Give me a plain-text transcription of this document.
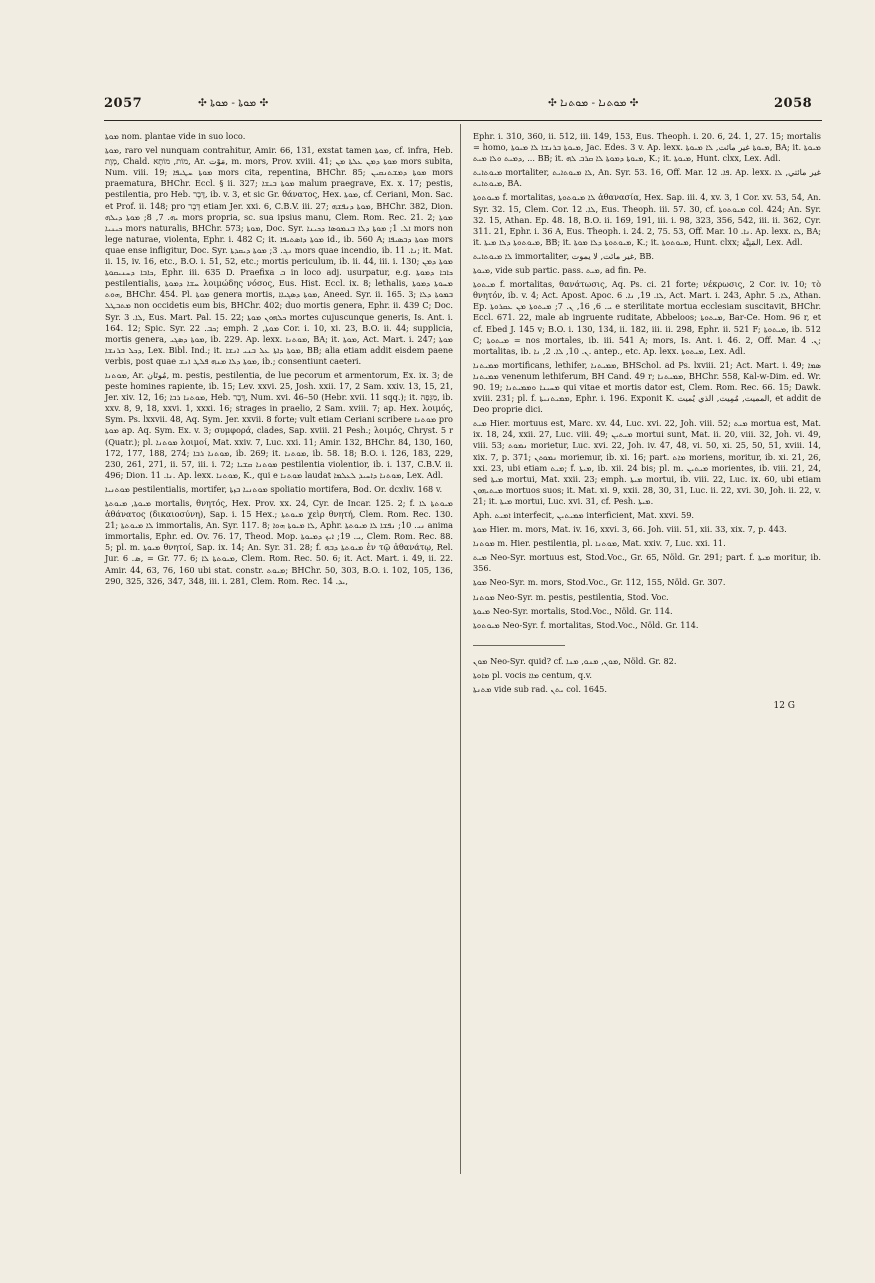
2057	✣ ܡܘܬܐ - ܡܘܬܐ ✣	✣ ܡܘܬܢܐ - ܡܘܬܢܐ ✣	2058

ܡܘܬܐ nom. plantae vide in suo loco.

ܡܘܬܐ, raro vel nunquam contrahitur, Amir. 66, 131, exstat tamen ܡܘܬܐ, cf. infra, Heb. מָוֶת, Chald. מוֹת, מוֹתָא, Ar. مَوْت, m. mors, Prov. xviii. 41; ܡܘܬܐ ܕܡܢ ܥܠܬܐ ܡܢ mors subita, Num. viii. 19; ܡܘܬܐ ܚܛܝܦܐ mors cita, repentina, BHChr. 85; ܡܘܬܐ ܕܡܫܬܢܩܝܢ mors praematura, BHChr. Eccl. § ii. 327; ܡܘܬܐ ܒܝܫܐ malum praegrave, Ex. x. 17; pestis, pestilentia, pro Heb. דֶּבֶר, ib. v. 3, et sic Gr. θάνατος, Hex. ܡܘܬܐ, cf. Ceriani, Mon. Sac. et Prof. ii. 148; pro דֶּבֶר etiam Jer. xxi. 6, C.B.V. iii. 27; ܡܘܬܐ ܕܢܦܫܗ, BHChr. 382, Dion. ܝܗ. 7, 8; ܡܘܬܐ ܕܝܠܗ mors propria, sc. sua ipsius manu, Clem. Rom. Rec. 21. 2; ܡܘܬܐ ܟܝܢܝܐ mors naturalis, BHChr. 573; ܡܘܬܐ, Doc. Syr. ܐܠ. 1; ܡܘܬܐ ܕܠܐ ܒܢܡܘܣܐ ܕܟܝܢܐ mors non lege naturae, violenta, Ephr. i. 482 C; it. ܡܘܬܐ ܕܐܣܬܝܦܐ id., ib. 560 A; ܡܘܬܐ ܕܒܣܝܦܐ mors quae ense infligitur, Doc. Syr. ܢܓ. 3; ܡܘܬܐ ܕܝܩܕܬܐ mors quae incendio, ib. ܢܐ. 11; it. Mat. ii. 15, iv. 16, etc., B.O. i. 51, 52, etc.; mortis periculum, ib. ii. 44, iii. i. 130; ܡܘܬܐ ܕܡܢ ܟܐܒܐ ܕܚܢܝܩܘܬܐ, Ephr. iii. 635 D. Praefixa ܒ in loco adj. usurpatur, e.g. ܟܐܒܐ ܕܡܘܬܐ pestilentialis, ܚܫܐ ܕܡܘܬܐ λοιμώδης νόσος, Eus. Hist. Eccl. ix. 8; lethalis, ܡܚܘܬܐ ܕܡܘܬܐ ܗܘܬ, BHChr. 454. Pl. ܡܘܬܐ genera mortis, ܡܘܬܐ ܕܣܓܝܐܐ, Aneed. Syr. ii. 165. 3; ܒܡܘܬܐ ܕܠܐ ܡܬܒܛܠ non occidetis eum bis, BHChr. 402; duo mortis genera, Ephr. ii. 439 C; Doc. Syr. ܠܐ. 3, Eus. Mart. Pal. 15. 22; ܟܠܗܘܢ ܡܘܬܐ mortes cujuscunque generis, Is. Ant. i. 164. 12; Spic. Syr. ܟܒ. 22; emph. ܡܘܬܐ, 2 Cor. i. 10, xi. 23, B.O. ii. 44; supplicia, mortis genera, ܡܘܬܐ ܕܣܓܝ, ib. 229. Ap. lexx. ܡܘܬܢܐ, BA; it. ܡܘܬܐ, Act. Mart. i. 247; ܡܘܬܐ ܕܟܠ ܒܪܢܫܐ, Lex. Bibl. Ind.; it. ܡܘܬܐ ܕܐܬܐ ܥܠ ܒܢܝ ܐܢܫܐ, BB; alia etiam addit eisdem paene verbis, post quae ܡܘܬܐ ܕܠܐ ܡܢܗ ܦܠܛ ܐܢܫ, ib.; consentiunt caeteri.

ܡܘܬܢܐ, Ar. مُوتَان, m. pestis, pestilentia, de lue pecorum et armentorum, Ex. ix. 3; de peste homines rapiente, ib. 15; Lev. xxvi. 25, Josh. xxii. 17, 2 Sam. xxiv. 13, 15, 21, Jer. xiv. 12, 16; ܡܘܬܢܐ ܪܒܐ, Heb. דֶּבֶר, Num. xvi. 46–50 (Hebr. xvii. 11 sqq.); it. מַגֵּפָה, ib. xxv. 8, 9, 18, xxvi. 1, xxxi. 16; strages in praelio, 2 Sam. xviii. 7; ap. Hex. λοιμός, Sym. Ps. lxxvii. 48, Aq. Sym. Jer. xxvii. 8 forte; vult etiam Ceriani scribere ܡܘܬܢܐ pro ܡܘܬܐ ap. Aq. Sym. Ex. v. 3; συμφορά, clades, Sap. xviii. 21 Pesh.; λοιμός, Chryst. 5 r (Quatr.); pl. ܡܘܬܢܐ λοιμοί, Mat. xxiv. 7, Luc. xxi. 11; Amir. 132, BHChr. 84, 130, 160, 172, 177, 188, 274; ܡܘܬܢܐ ܪܒܐ, ib. 269; it. ܡܘܬܢܐ, ib. 58. 18; B.O. i. 126, 183, 229, 230, 261, 271, ii. 57, iii. i. 72; ܡܘܬܢܐ ܩܫܝܐ pestilentia violentior, ib. i. 137, C.B.V. ii. 496; Dion. ܢܐ. 11. Ap. lexx. ܡܘܬܢܐ, K., qui e ܡܘܬܢܐ laudat ܡܘܬܢܐ ܕܐܚܝܕ ܠܥܠܡܐ, Lex. Adl.

ܡܘܬܢܝܐ pestilentialis, mortifer, ܡܘܬܢܝܐ ܒܙܬܐ spoliatio mortifera, Bod. Or. dcxliv. 168 v.

ܡܝܘܬܐ, ܡܝܘܬܬܐ mortalis, θνητός, Hex. Prov. xx. 24, Cyr. de Incar. 125. 2; f. ܡܝܘܬܬܐ ܠܐ ἀθάνατος (δικαιοσύνη), Sap. i. 15 Hex.; ܡܝܘܬܬܐ χεὶρ θνητή, Clem. Rom. Rec. 130. 21; ܠܐ ܡܝܘܬܬܐ immortalis, An. Syr. 117. 8; ܠܐ ܡܝܘܬܐ ܗܘܐ, Aphr. ܢܝ. 10; ܢܦܫܐ ܠܐ ܡܝܘܬܬܐ anima immortalis, Ephr. ed. Ov. 76. 17, Theod. Mop. ܝ. 19; ܐܝܟ ܕܡܝܘܬܐ, Clem. Rom. Rec. 88. 5; pl. m. ܡܝܘܬܐ θνητοί, Sap. ix. 14; An. Syr. 31. 28; f. ܡܝܘܬܬܐ ܕܒܗ ἐν τῷ ἀθανάτῳ, Rel. Jur. ܣ. 6, = Gr. 77. 6; ܡܝܘܬܬܐ ܠܐ, Clem. Rom. Rec. 50. 6; it. Act. Mart. i. 49, ii. 22. Amir. 44, 63, 76, 160 ubi stat. constr. ܡܝܘܬ; BHChr. 50, 303, B.O. i. 102, 105, 136, 290, 325, 326, 347, 348, iii. i. 281, Clem. Rom. Rec. ܝܕ. 14,

Ephr. i. 310, 360, ii. 512, iii. 149, 153, Eus. Theoph. i. 20. 6, 24. 1, 27. 15; mortalis = homo, ܡܝܘܬܐ ܒܪܢܫܐ ܠܐ ܡܝܘܬܐ, Jac. Edes. 3 v. Ap. lexx. ܡܝܘܬܐ غير مائت, ܠܐ ܡܝܘܬܐ, BA; it. ܡܝܘܬܐ ܕܡܝܬ ܘܠܐ ܡܝܬ, ... BB; it. ܡܝܘܬܐ ܕܡܘܬܐ ܠܐ ܩܪܒ ܠܗ, K.; it. ܡܝܘܬܐ, Hunt. clxx, Lex. Adl.

ܡܝܘܬܐܝܬ mortaliter, ܠܐ ܡܝܘܬܐܝܬ, An. Syr. 53. 16, Off. Mar. ܦܐ. 12. Ap. lexx. غير مائتي, ܠܐ ܡܝܘܬܐܝܬ, BA.

ܡܝܘܬܘܬܐ f. mortalitas, ܠܐ ܡܝܘܬܘܬܐ ἀθανασία, Hex. Sap. iii. 4, xv. 3, 1 Cor. xv. 53, 54, An. Syr. 32. 15, Clem. Cor. ܠܐ. 12, Eus. Theoph. iii. 57. 30, cf. ܡܝܘܬܘܬܐ col. 424; An. Syr. 32. 15, Athan. Ep. 48. 18, B.O. ii. 169, 191, iii. i. 98, 323, 356, 542, iii. ii. 362, Cyr. 311. 21, Ephr. i. 36 A, Eus. Theoph. i. 24. 2, 75. 53, Off. Mar. ܢܐ. 10. Ap. lexx. ܠܐ, BA; it. ܡܝܘܬܘܬܐ ܕܠܐ ܡܝܬܐ, BB; it. ܡܝܘܬܘܬܐ ܕܠܐ ܡܘܬܐ, K.; it. ܡܝܘܬܘܬܐ, Hunt. clxx; المَنِيَّة, Lex. Adl.

ܠܐ ܡܝܘܬܐܝܬ immortaliter, غير مائت, لا يموت, BB.

ܡܝܘܬܐ, vide sub partic. pass. ܡܝܬ, ad fin. Pe.

ܡܝܬܘܬܐ f. mortalitas, θανάτωσις, Aq. Ps. ci. 21 forte; νέκρωσις, 2 Cor. iv. 10; τὸ θνητόν, ib. v. 4; Act. Apost. Apoc. ܠܐ. 19, ܢܐ. 6, Act. Mart. i. 243, Aphr. ܠܐ. 5, Athan. Ep. ܝ. 6, 16, ܢ. 7; ܡܝܬܘܬܐ ܡܢ ܥܩܪܘܬܐ e sterilitate mortua ecclesiam suscitavit, BHChr. Eccl. 671. 22, male ab ingruente ruditate, Abbeloos; ܡܝܬܘܬܐ, Bar-Ce. Hom. 96 r, et cf. Ebed J. 145 v; B.O. i. 130, 134, ii. 182, iii. ii. 298, Ephr. ii. 521 F; ܡܝܬܘܬܐ, ib. 512 C; ܡܝܬܘܬܐ = nos mortales, ib. iii. 541 A; mors, Is. Ant. i. 46. 2, Off. Mar. ܢ. 4; mortalitas, ib. ܢ. 10, ܠܐ. 2, ܢܐ. antep., etc. Ap. lexx. ܡܝܬܘܬܐ, Lex. Adl.

ܡܡܝܬܢܐ mortificans, lethifer, ܡܡܝܬܢܐ, BHSchol. ad Ps. lxviii. 21; Act. Mart. i. 49; ܣܡܐ ܡܡܝܬܢܐ venenum lethiferum, BH Cand. 49 r; ܡܡܝܬܢܐ, BHChr. 558, Kal-w-Dim. ed. Wr. 90. 19; ܡܚܝܢܐ ܘܡܡܝܬܢܐ qui vitae et mortis dator est, Clem. Rom. Rec. 66. 15; Dawk. xviii. 231; pl. f. ܡܡܝܬܢܝܬܐ, Ephr. i. 196. Exponit K. المميت, مُمِيت, الذي يُميت, et addit de Deo proprie dici.

ܡܝܬ Hier. mortuus est, Marc. xv. 44, Luc. xvi. 22, Joh. viii. 52; ܡܝܬ mortua est, Mat. ix. 18, 24, xxii. 27, Luc. viii. 49; ܡܝܬܝܢ mortui sunt, Mat. ii. 20, viii. 32, Joh. vi. 49, viii. 53; ܢܡܘܬ morietur, Luc. xvi. 22, Joh. iv. 47, 48, vi. 50, xi. 25, 50, 51, xviii. 14, xix. 7, p. 371; ܢܡܘܬܢ moriemur, ib. xi. 16; part. ܡܐܬ moriens, moritur, ib. xi. 21, 26, xxi. 23, ubi etiam ܡܝܬ; f. ܡܝܬܐ, ib. xii. 24 bis; pl. m. ܡܝܬܝܢ morientes, ib. viii. 21, 24, sed ܡܝܬܐ mortui, Mat. xxii. 23; emph. ܡܝܬܐ mortui, ib. viii. 22, Luc. ix. 60, ubi etiam ܡܝܬܝܗܘܢ mortuos suos; it. Mat. xi. 9, xxii. 28, 30, 31, Luc. ii. 22, xvi. 30, Joh. ii. 22, v. 21; it. ܡܝܬܐ mortui, Luc. xvi. 31, cf. Pesh. ܡܝܬܐ.

Aph. ܐܡܝܬ interfecit, ܡܡܝܬܝܢ interficient, Mat. xxvi. 59.

ܡܘܬܐ Hier. m. mors, Mat. iv. 16, xxvi. 3, 66. Joh. viii. 51, xii. 33, xix. 7, p. 443.

ܡܘܬܢܐ m. Hier. pestilentia, pl. ܡܘܬܢܐ, Mat. xxiv. 7, Luc. xxi. 11.

ܡܝܬ Neo-Syr. mortuus est, Stod.Voc., Gr. 65, Nöld. Gr. 291; part. f. ܡܝܬܐ moritur, ib. 356.

ܡܘܬܐ Neo-Syr. m. mors, Stod.Voc., Gr. 112, 155, Nöld. Gr. 307.

ܡܘܬܢܐ Neo-Syr. m. pestis, pestilentia, Stod. Voc.

ܡܝܘܬܐ Neo-Syr. mortalis, Stod.Voc., Nöld. Gr. 114.

ܡܝܘܬܘܬܐ Neo-Syr. f. mortalitas, Stod.Voc., Nöld. Gr. 114.

ܡܘܢ Neo-Syr. quid? cf. ܡܘܢ, ܡܢܘ, ܡܢܐ, Nöld. Gr. 82.

ܡܐܘܬܐ pl. vocis ܡܐܐ centum, q.v.

ܡܬܢܬܐ vide sub rad. ܝܬܢ col. 1645.

12 G
